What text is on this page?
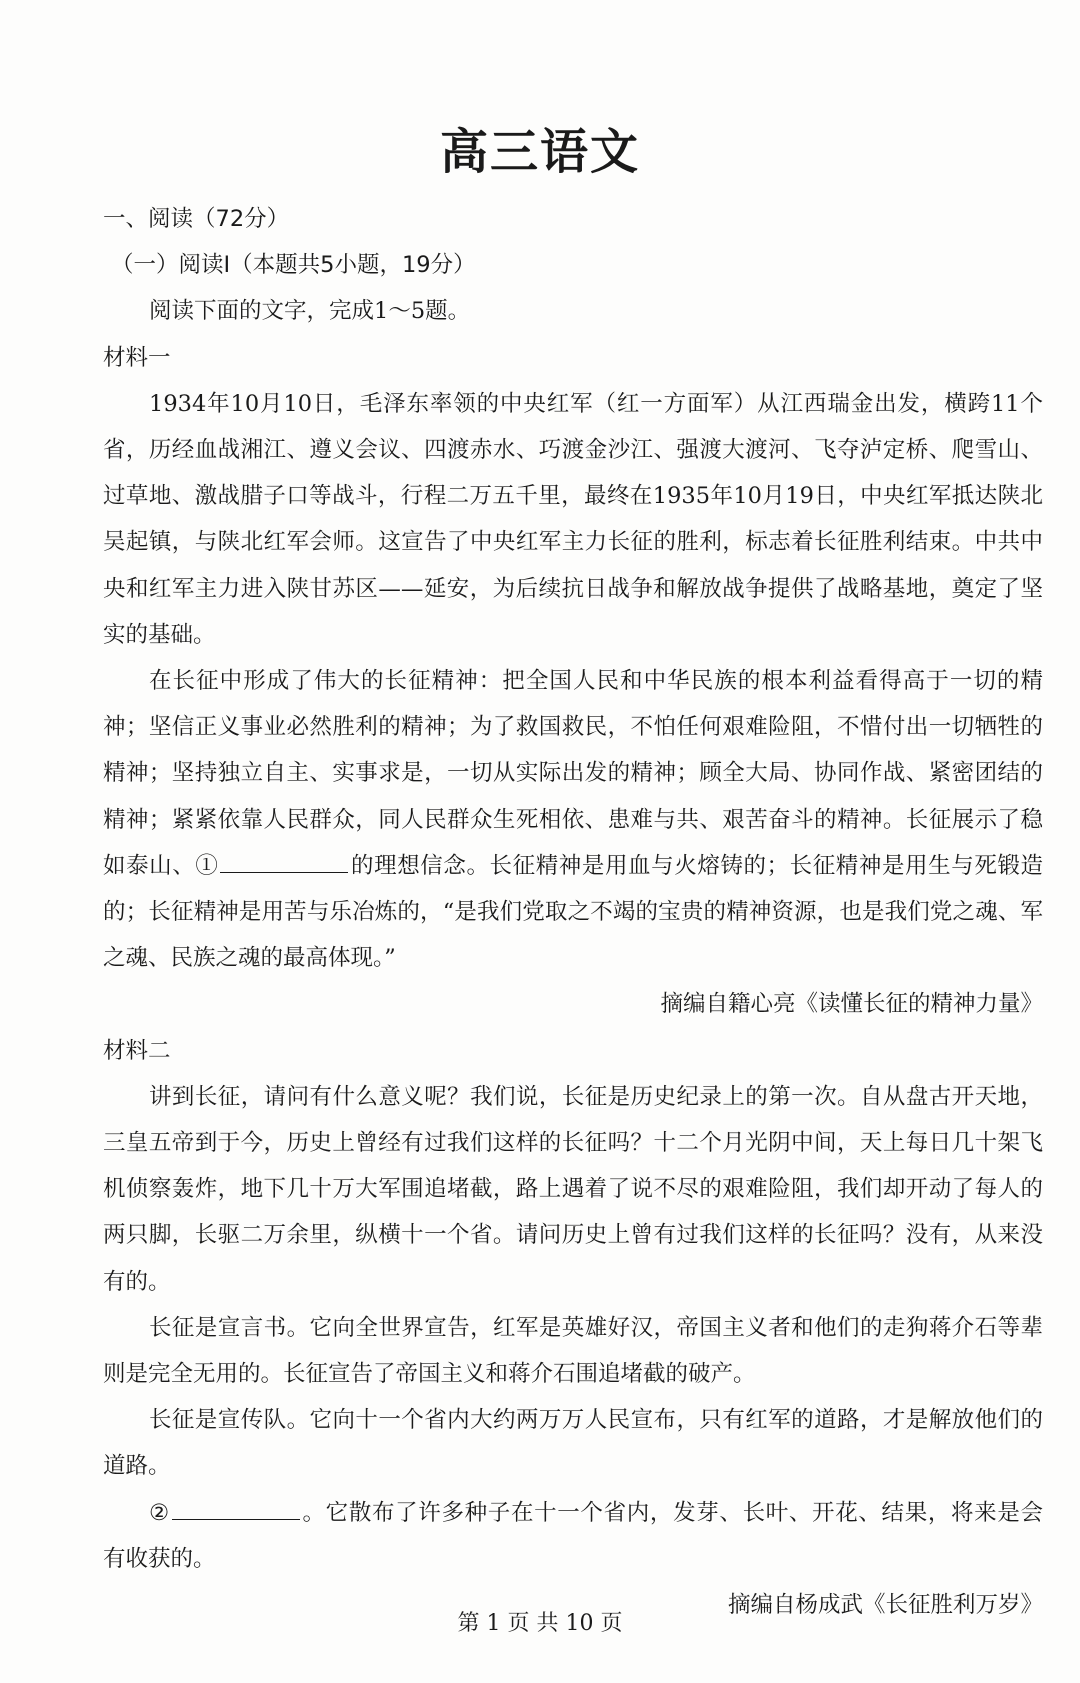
高三语文

一、阅读（72分）

（一）阅读I（本题共5小题，19分）

阅读下面的文字，完成1～5题。

材料一

1934年10月10日，毛泽东率领的中央红军（红一方面军）从江西瑞金出发，横跨11个省，历经血战湘江、遵义会议、四渡赤水、巧渡金沙江、强渡大渡河、飞夺泸定桥、爬雪山、过草地、激战腊子口等战斗，行程二万五千里，最终在1935年10月19日，中央红军抵达陕北吴起镇，与陕北红军会师。这宣告了中央红军主力长征的胜利，标志着长征胜利结束。中共中央和红军主力进入陕甘苏区——延安，为后续抗日战争和解放战争提供了战略基地，奠定了坚实的基础。

在长征中形成了伟大的长征精神：把全国人民和中华民族的根本利益看得高于一切的精神；坚信正义事业必然胜利的精神；为了救国救民，不怕任何艰难险阻，不惜付出一切牺牲的精神；坚持独立自主、实事求是，一切从实际出发的精神；顾全大局、协同作战、紧密团结的精神；紧紧依靠人民群众，同人民群众生死相依、患难与共、艰苦奋斗的精神。长征展示了稳如泰山、①	的理想信念。长征精神是用血与火熔铸的；长征精神是用生与死锻造的；长征精神是用苦与乐冶炼的，“是我们党取之不竭的宝贵的精神资源，也是我们党之魂、军之魂、民族之魂的最高体现。”

摘编自籍心亮《读懂长征的精神力量》

材料二

讲到长征，请问有什么意义呢？我们说，长征是历史纪录上的第一次。自从盘古开天地，三皇五帝到于今，历史上曾经有过我们这样的长征吗？十二个月光阴中间，天上每日几十架飞机侦察轰炸，地下几十万大军围追堵截，路上遇着了说不尽的艰难险阻，我们却开动了每人的两只脚，长驱二万余里，纵横十一个省。请问历史上曾有过我们这样的长征吗？没有，从来没有的。

长征是宣言书。它向全世界宣告，红军是英雄好汉，帝国主义者和他们的走狗蒋介石等辈则是完全无用的。长征宣告了帝国主义和蒋介石围追堵截的破产。

长征是宣传队。它向十一个省内大约两万万人民宣布，只有红军的道路，才是解放他们的道路。

②	。它散布了许多种子在十一个省内，发芽、长叶、开花、结果，将来是会有收获的。

摘编自杨成武《长征胜利万岁》

第 1 页 共 10 页
